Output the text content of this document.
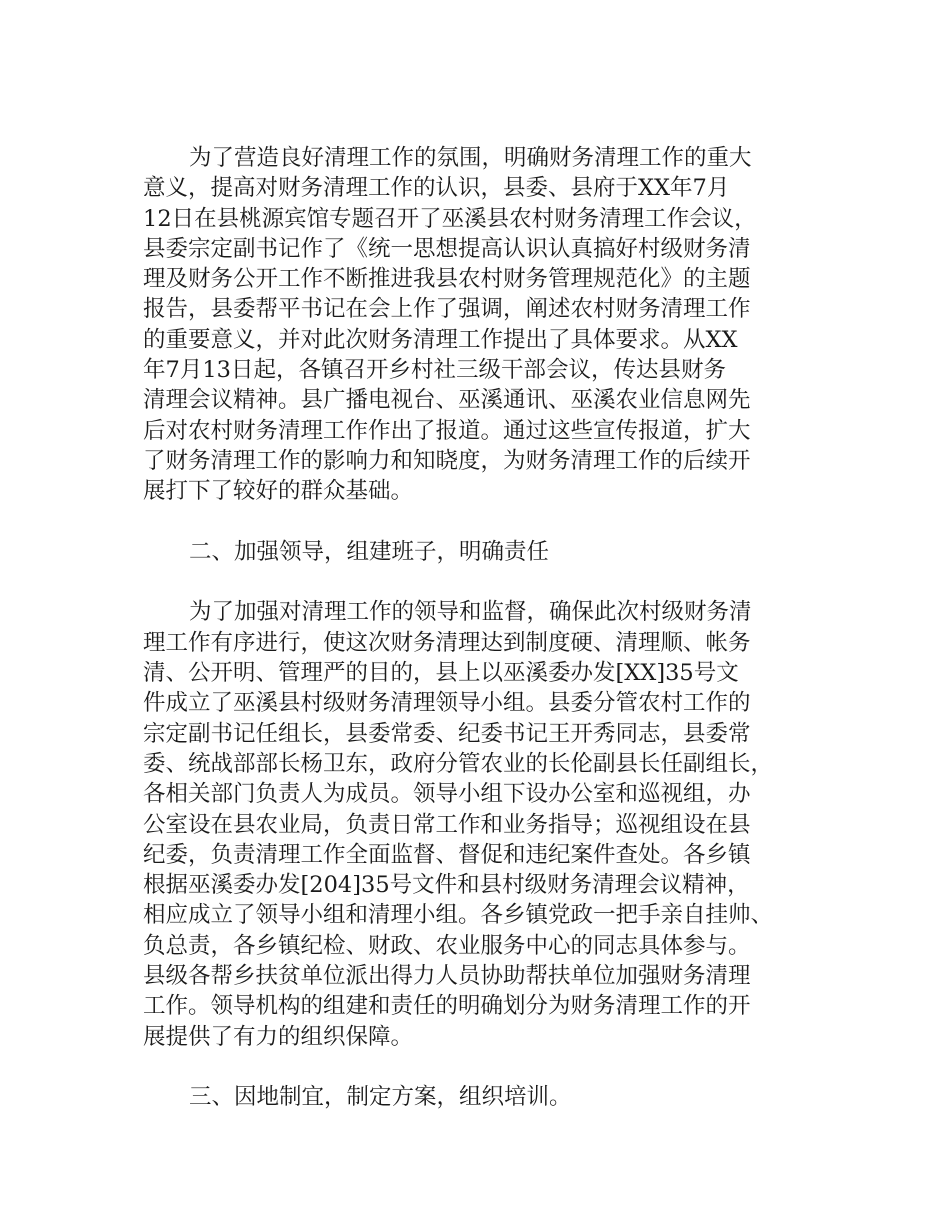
为了营造良好清理工作的氛围，明确财务清理工作的重大
意义，提高对财务清理工作的认识，县委、县府于XX年7月
12日在县桃源宾馆专题召开了巫溪县农村财务清理工作会议，
县委宗定副书记作了《统一思想提高认识认真搞好村级财务清
理及财务公开工作不断推进我县农村财务管理规范化》的主题
报告，县委帮平书记在会上作了强调，阐述农村财务清理工作
的重要意义，并对此次财务清理工作提出了具体要求。从XX
年7月13日起，各镇召开乡村社三级干部会议，传达县财务
清理会议精神。县广播电视台、巫溪通讯、巫溪农业信息网先
后对农村财务清理工作作出了报道。通过这些宣传报道，扩大
了财务清理工作的影响力和知晓度，为财务清理工作的后续开
展打下了较好的群众基础。
二、加强领导，组建班子，明确责任
为了加强对清理工作的领导和监督，确保此次村级财务清
理工作有序进行，使这次财务清理达到制度硬、清理顺、帐务
清、公开明、管理严的目的，县上以巫溪委办发[XX]35号文
件成立了巫溪县村级财务清理领导小组。县委分管农村工作的
宗定副书记任组长，县委常委、纪委书记王开秀同志，县委常
委、统战部部长杨卫东，政府分管农业的长伦副县长任副组长，
各相关部门负责人为成员。领导小组下设办公室和巡视组，办
公室设在县农业局，负责日常工作和业务指导；巡视组设在县
纪委，负责清理工作全面监督、督促和违纪案件查处。各乡镇
根据巫溪委办发[204]35号文件和县村级财务清理会议精神，
相应成立了领导小组和清理小组。各乡镇党政一把手亲自挂帅、
负总责，各乡镇纪检、财政、农业服务中心的同志具体参与。
县级各帮乡扶贫单位派出得力人员协助帮扶单位加强财务清理
工作。领导机构的组建和责任的明确划分为财务清理工作的开
展提供了有力的组织保障。
三、因地制宜，制定方案，组织培训。
